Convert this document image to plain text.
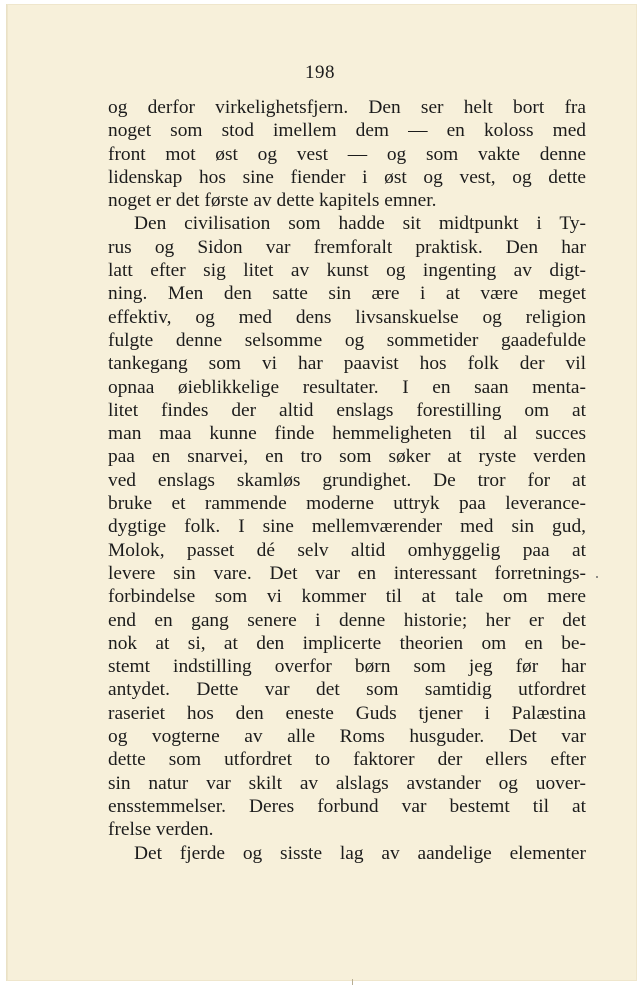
198
og derfor virkelighetsfjern. Den ser helt bort fra
noget som stod imellem dem — en koloss med
front mot øst og vest — og som vakte denne
lidenskap hos sine fiender i øst og vest, og dette
noget er det første av dette kapitels emner.
Den civilisation som hadde sit midtpunkt i Ty-
rus og Sidon var fremforalt praktisk. Den har
latt efter sig litet av kunst og ingenting av digt-
ning. Men den satte sin ære i at være meget
effektiv, og med dens livsanskuelse og religion
fulgte denne selsomme og sommetider gaadefulde
tankegang som vi har paavist hos folk der vil
opnaa øieblikkelige resultater. I en saan menta-
litet findes der altid enslags forestilling om at
man maa kunne finde hemmeligheten til al succes
paa en snarvei, en tro som søker at ryste verden
ved enslags skamløs grundighet. De tror for at
bruke et rammende moderne uttryk paa leverance-
dygtige folk. I sine mellemværender med sin gud,
Molok, passet dé selv altid omhyggelig paa at
levere sin vare. Det var en interessant forretnings-
forbindelse som vi kommer til at tale om mere
end en gang senere i denne historie; her er det
nok at si, at den implicerte theorien om en be-
stemt indstilling overfor børn som jeg før har
antydet. Dette var det som samtidig utfordret
raseriet hos den eneste Guds tjener i Palæstina
og vogterne av alle Roms husguder. Det var
dette som utfordret to faktorer der ellers efter
sin natur var skilt av alslags avstander og uover-
ensstemmelser. Deres forbund var bestemt til at
frelse verden.
Det fjerde og sisste lag av aandelige elementer
